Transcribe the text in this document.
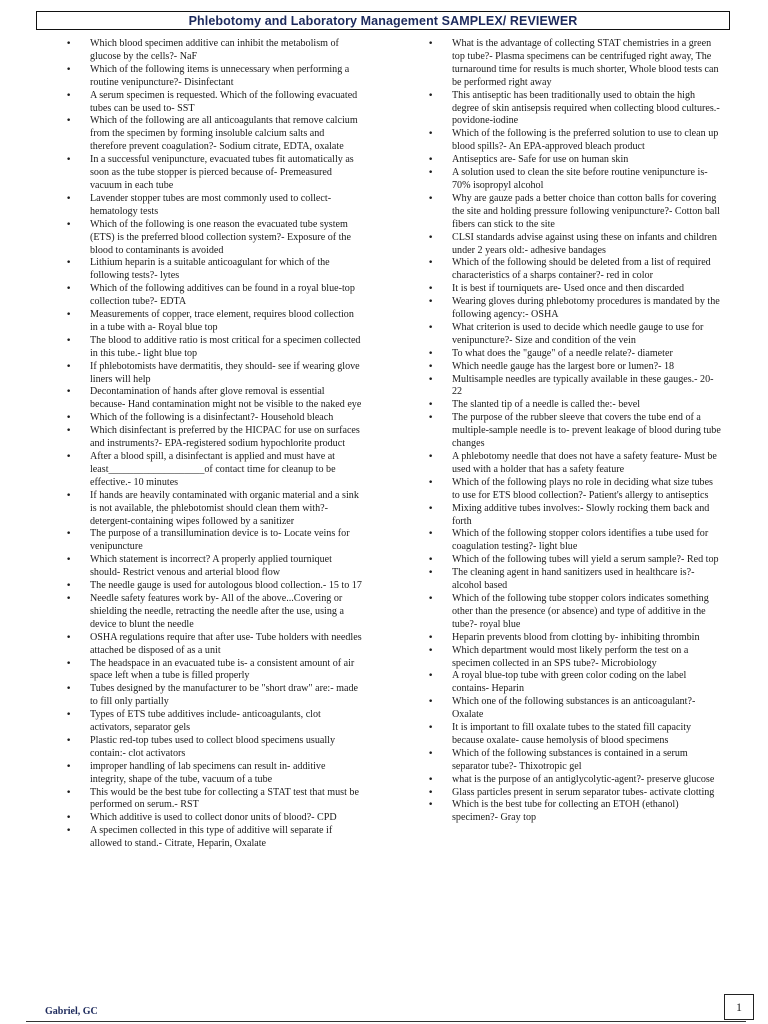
Phlebotomy and Laboratory Management SAMPLEX/ REVIEWER
• Which blood specimen additive can inhibit the metabolism of glucose by the cells?- NaF
• Which of the following items is unnecessary when performing a routine venipuncture?- Disinfectant
• A serum specimen is requested. Which of the following evacuated tubes can be used to- SST
• Which of the following are all anticoagulants that remove calcium from the specimen by forming insoluble calcium salts and therefore prevent coagulation?- Sodium citrate, EDTA, oxalate
• In a successful venipuncture, evacuated tubes fit automatically as soon as the tube stopper is pierced because of- Premeasured vacuum in each tube
• Lavender stopper tubes are most commonly used to collect- hematology tests
• Which of the following is one reason the evacuated tube system (ETS) is the preferred blood collection system?- Exposure of the blood to contaminants is avoided
• Lithium heparin is a suitable anticoagulant for which of the following tests?- lytes
• Which of the following additives can be found in a royal blue-top collection tube?- EDTA
• Measurements of copper, trace element, requires blood collection in a tube with a- Royal blue top
• The blood to additive ratio is most critical for a specimen collected in this tube.- light blue top
• If phlebotomists have dermatitis, they should- see if wearing glove liners will help
• Decontamination of hands after glove removal is essential because- Hand contamination might not be visible to the naked eye
• Which of the following is a disinfectant?- Household bleach
• Which disinfectant is preferred by the HICPAC for use on surfaces and instruments?- EPA-registered sodium hypochlorite product
• After a blood spill, a disinfectant is applied and must have at least___________________of contact time for cleanup to be effective.- 10 minutes
• If hands are heavily contaminated with organic material and a sink is not available, the phlebotomist should clean them with?- detergent-containing wipes followed by a sanitizer
• The purpose of a transillumination device is to- Locate veins for venipuncture
• Which statement is incorrect? A properly applied tourniquet should- Restrict venous and arterial blood flow
• The needle gauge is used for autologous blood collection.- 15 to 17
• Needle safety features work by- All of the above...Covering or shielding the needle, retracting the needle after the use, using a device to blunt the needle
• OSHA regulations require that after use- Tube holders with needles attached be disposed of as a unit
• The headspace in an evacuated tube is- a consistent amount of air space left when a tube is filled properly
• Tubes designed by the manufacturer to be "short draw" are:- made to fill only partially
• Types of ETS tube additives include- anticoagulants, clot activators, separator gels
• Plastic red-top tubes used to collect blood specimens usually contain:- clot activators
• improper handling of lab specimens can result in- additive integrity, shape of the tube, vacuum of a tube
• This would be the best tube for collecting a STAT test that must be performed on serum.- RST
• Which additive is used to collect donor units of blood?- CPD
• A specimen collected in this type of additive will separate if allowed to stand.- Citrate, Heparin, Oxalate
• What is the advantage of collecting STAT chemistries in a green top tube?- Plasma specimens can be centrifuged right away, The turnaround time for results is much shorter, Whole blood tests can be performed right away
• This antiseptic has been traditionally used to obtain the high degree of skin antisepsis required when collecting blood cultures.- povidone-iodine
• Which of the following is the preferred solution to use to clean up blood spills?- An EPA-approved bleach product
• Antiseptics are- Safe for use on human skin
• A solution used to clean the site before routine venipuncture is- 70% isopropyl alcohol
• Why are gauze pads a better choice than cotton balls for covering the site and holding pressure following venipuncture?- Cotton ball fibers can stick to the site
• CLSI standards advise against using these on infants and children under 2 years old:- adhesive bandages
• Which of the following should be deleted from a list of required characteristics of a sharps container?- red in color
• It is best if tourniquets are- Used once and then discarded
• Wearing gloves during phlebotomy procedures is mandated by the following agency:- OSHA
• What criterion is used to decide which needle gauge to use for venipuncture?- Size and condition of the vein
• To what does the "gauge" of a needle relate?- diameter
• Which needle gauge has the largest bore or lumen?- 18
• Multisample needles are typically available in these gauges.- 20-22
• The slanted tip of a needle is called the:- bevel
• The purpose of the rubber sleeve that covers the tube end of a multiple-sample needle is to- prevent leakage of blood during tube changes
• A phlebotomy needle that does not have a safety feature- Must be used with a holder that has a safety feature
• Which of the following plays no role in deciding what size tubes to use for ETS blood collection?- Patient's allergy to antiseptics
• Mixing additive tubes involves:- Slowly rocking them back and forth
• Which of the following stopper colors identifies a tube used for coagulation testing?- light blue
• Which of the following tubes will yield a serum sample?- Red top
• The cleaning agent in hand sanitizers used in healthcare is?- alcohol based
• Which of the following tube stopper colors indicates something other than the presence (or absence) and type of additive in the tube?- royal blue
• Heparin prevents blood from clotting by- inhibiting thrombin
• Which department would most likely perform the test on a specimen collected in an SPS tube?- Microbiology
• A royal blue-top tube with green color coding on the label contains- Heparin
• Which one of the following substances is an anticoagulant?- Oxalate
• It is important to fill oxalate tubes to the stated fill capacity because oxalate- cause hemolysis of blood specimens
• Which of the following substances is contained in a serum separator tube?- Thixotropic gel
• what is the purpose of an antiglycolytic-agent?- preserve glucose
• Glass particles present in serum separator tubes- activate clotting
• Which is the best tube for collecting an ETOH (ethanol) specimen?- Gray top
Gabriel, GC	1
